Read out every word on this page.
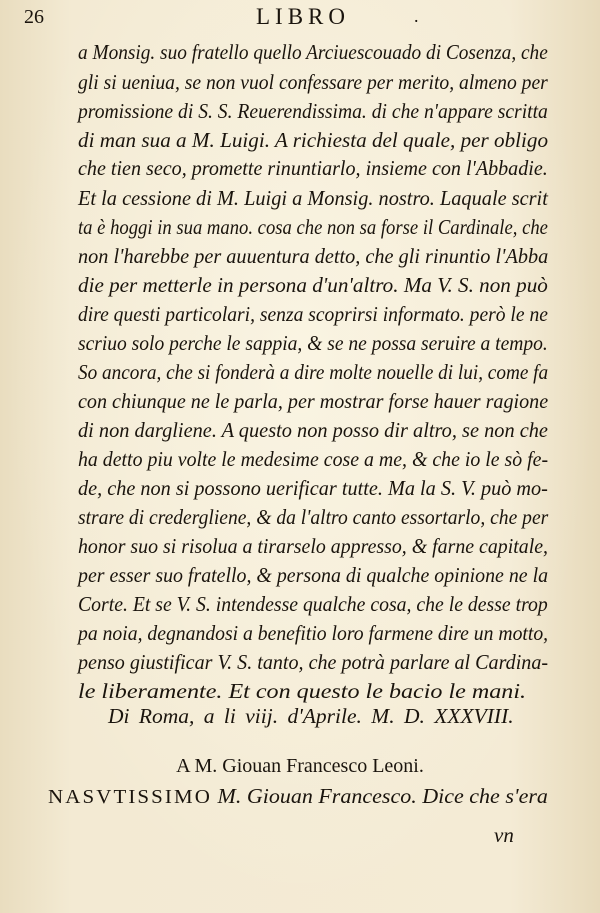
26	LIBRO	.
a Monsig. suo fratello quello Arciuescouado di Cosenza, che
gli si ueniua, se non vuol confessare per merito, almeno per
promissione di S. S. Reuerendissima. di che n'appare scritta
di man sua a M. Luigi. A richiesta del quale, per obligo
che tien seco, promette rinuntiarlo, insieme con l'Abbadie.
Et la cessione di M. Luigi a Monsig. nostro. Laquale scrit
ta è hoggi in sua mano. cosa che non sa forse il Cardinale, che
non l'harebbe per auuentura detto, che gli rinuntio l'Abba
die per metterle in persona d'un'altro. Ma V. S. non può
dire questi particolari, senza scoprirsi informato. però le ne
scriuo solo perche le sappia, & se ne possa seruire a tempo.
So ancora, che si fonderà a dire molte nouelle di lui, come fa
con chiunque ne le parla, per mostrar forse hauer ragione
di non dargliene. A questo non posso dir altro, se non che
ha detto piu volte le medesime cose a me, & che io le sò fe-
de, che non si possono uerificar tutte. Ma la S. V. può mo-
strare di credergliene, & da l'altro canto essortarlo, che per
honor suo si risolua a tirarselo appresso, & farne capitale,
per esser suo fratello, & persona di qualche opinione ne la
Corte. Et se V. S. intendesse qualche cosa, che le desse trop
pa noia, degnandosi a benefitio loro farmene dire un motto,
penso giustificar V. S. tanto, che potrà parlare al Cardina-
le liberamente. Et con questo le bacio le mani.
Di Roma, a li viij. d'Aprile. M. D. XXXVIII.
A M. Giouan Francesco Leoni.
NASVTISSIMO M. Giouan Francesco. Dice che s'era
vn
